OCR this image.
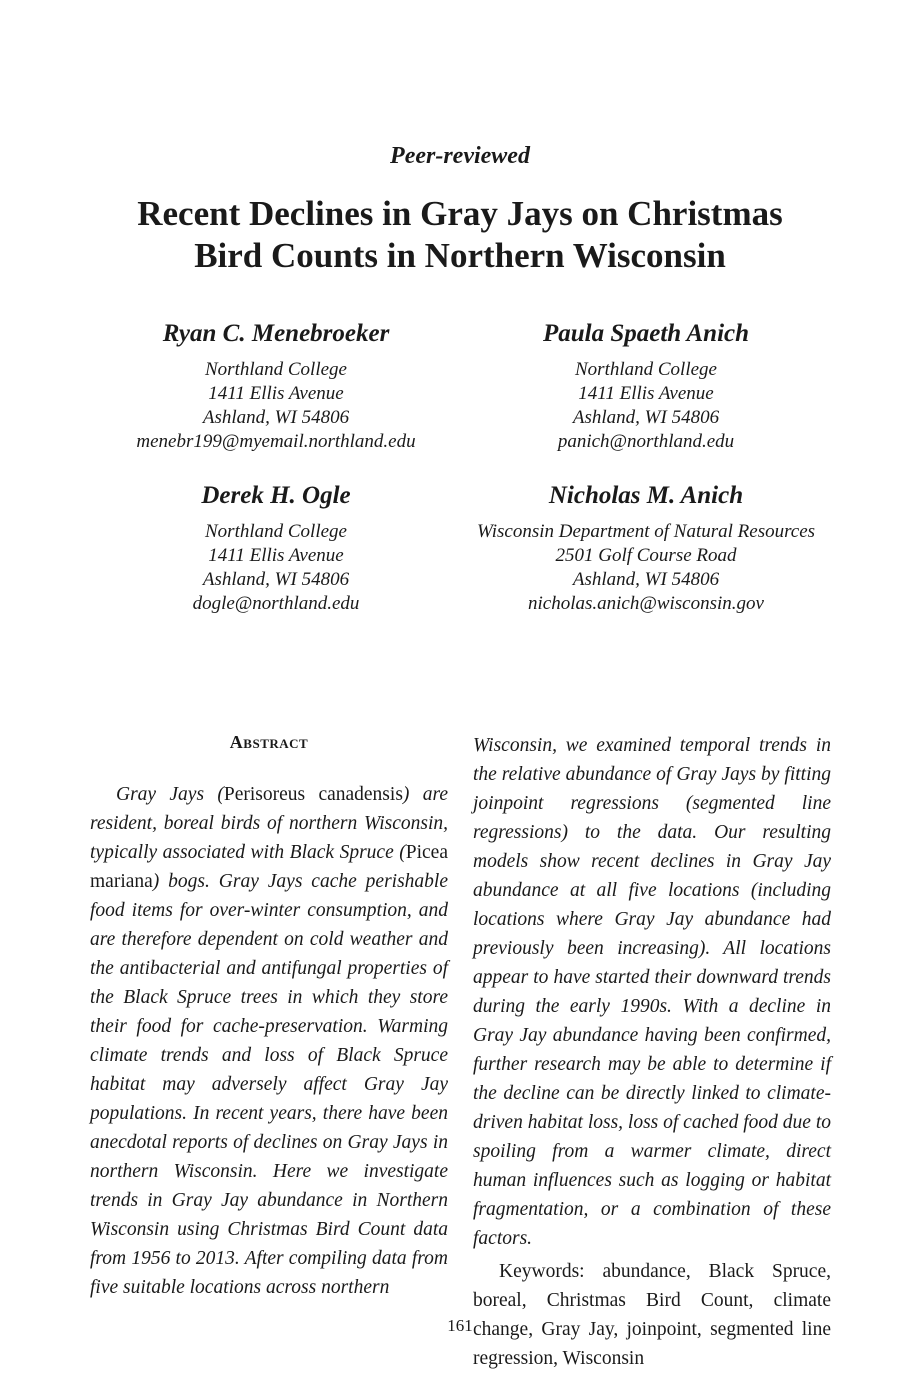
Peer-reviewed
Recent Declines in Gray Jays on Christmas
Bird Counts in Northern Wisconsin
Ryan C. Menebroeker
Northland College
1411 Ellis Avenue
Ashland, WI 54806
menebr199@myemail.northland.edu
Paula Spaeth Anich
Northland College
1411 Ellis Avenue
Ashland, WI 54806
panich@northland.edu
Derek H. Ogle
Northland College
1411 Ellis Avenue
Ashland, WI 54806
dogle@northland.edu
Nicholas M. Anich
Wisconsin Department of Natural Resources
2501 Golf Course Road
Ashland, WI 54806
nicholas.anich@wisconsin.gov
Abstract

Gray Jays (Perisoreus canadensis) are resident, boreal birds of northern Wisconsin, typically associated with Black Spruce (Picea mariana) bogs. Gray Jays cache perishable food items for over-winter consumption, and are therefore dependent on cold weather and the antibacterial and antifungal properties of the Black Spruce trees in which they store their food for cache-preservation. Warming climate trends and loss of Black Spruce habitat may adversely affect Gray Jay populations. In recent years, there have been anecdotal reports of declines on Gray Jays in northern Wisconsin. Here we investigate trends in Gray Jay abundance in Northern Wisconsin using Christmas Bird Count data from 1956 to 2013. After compiling data from five suitable locations across northern

Wisconsin, we examined temporal trends in the relative abundance of Gray Jays by fitting joinpoint regressions (segmented line regressions) to the data. Our resulting models show recent declines in Gray Jay abundance at all five locations (including locations where Gray Jay abundance had previously been increasing). All locations appear to have started their downward trends during the early 1990s. With a decline in Gray Jay abundance having been confirmed, further research may be able to determine if the decline can be directly linked to climate-driven habitat loss, loss of cached food due to spoiling from a warmer climate, direct human influences such as logging or habitat fragmentation, or a combination of these factors.

Keywords: abundance, Black Spruce, boreal, Christmas Bird Count, climate change, Gray Jay, joinpoint, segmented line regression, Wisconsin

161
